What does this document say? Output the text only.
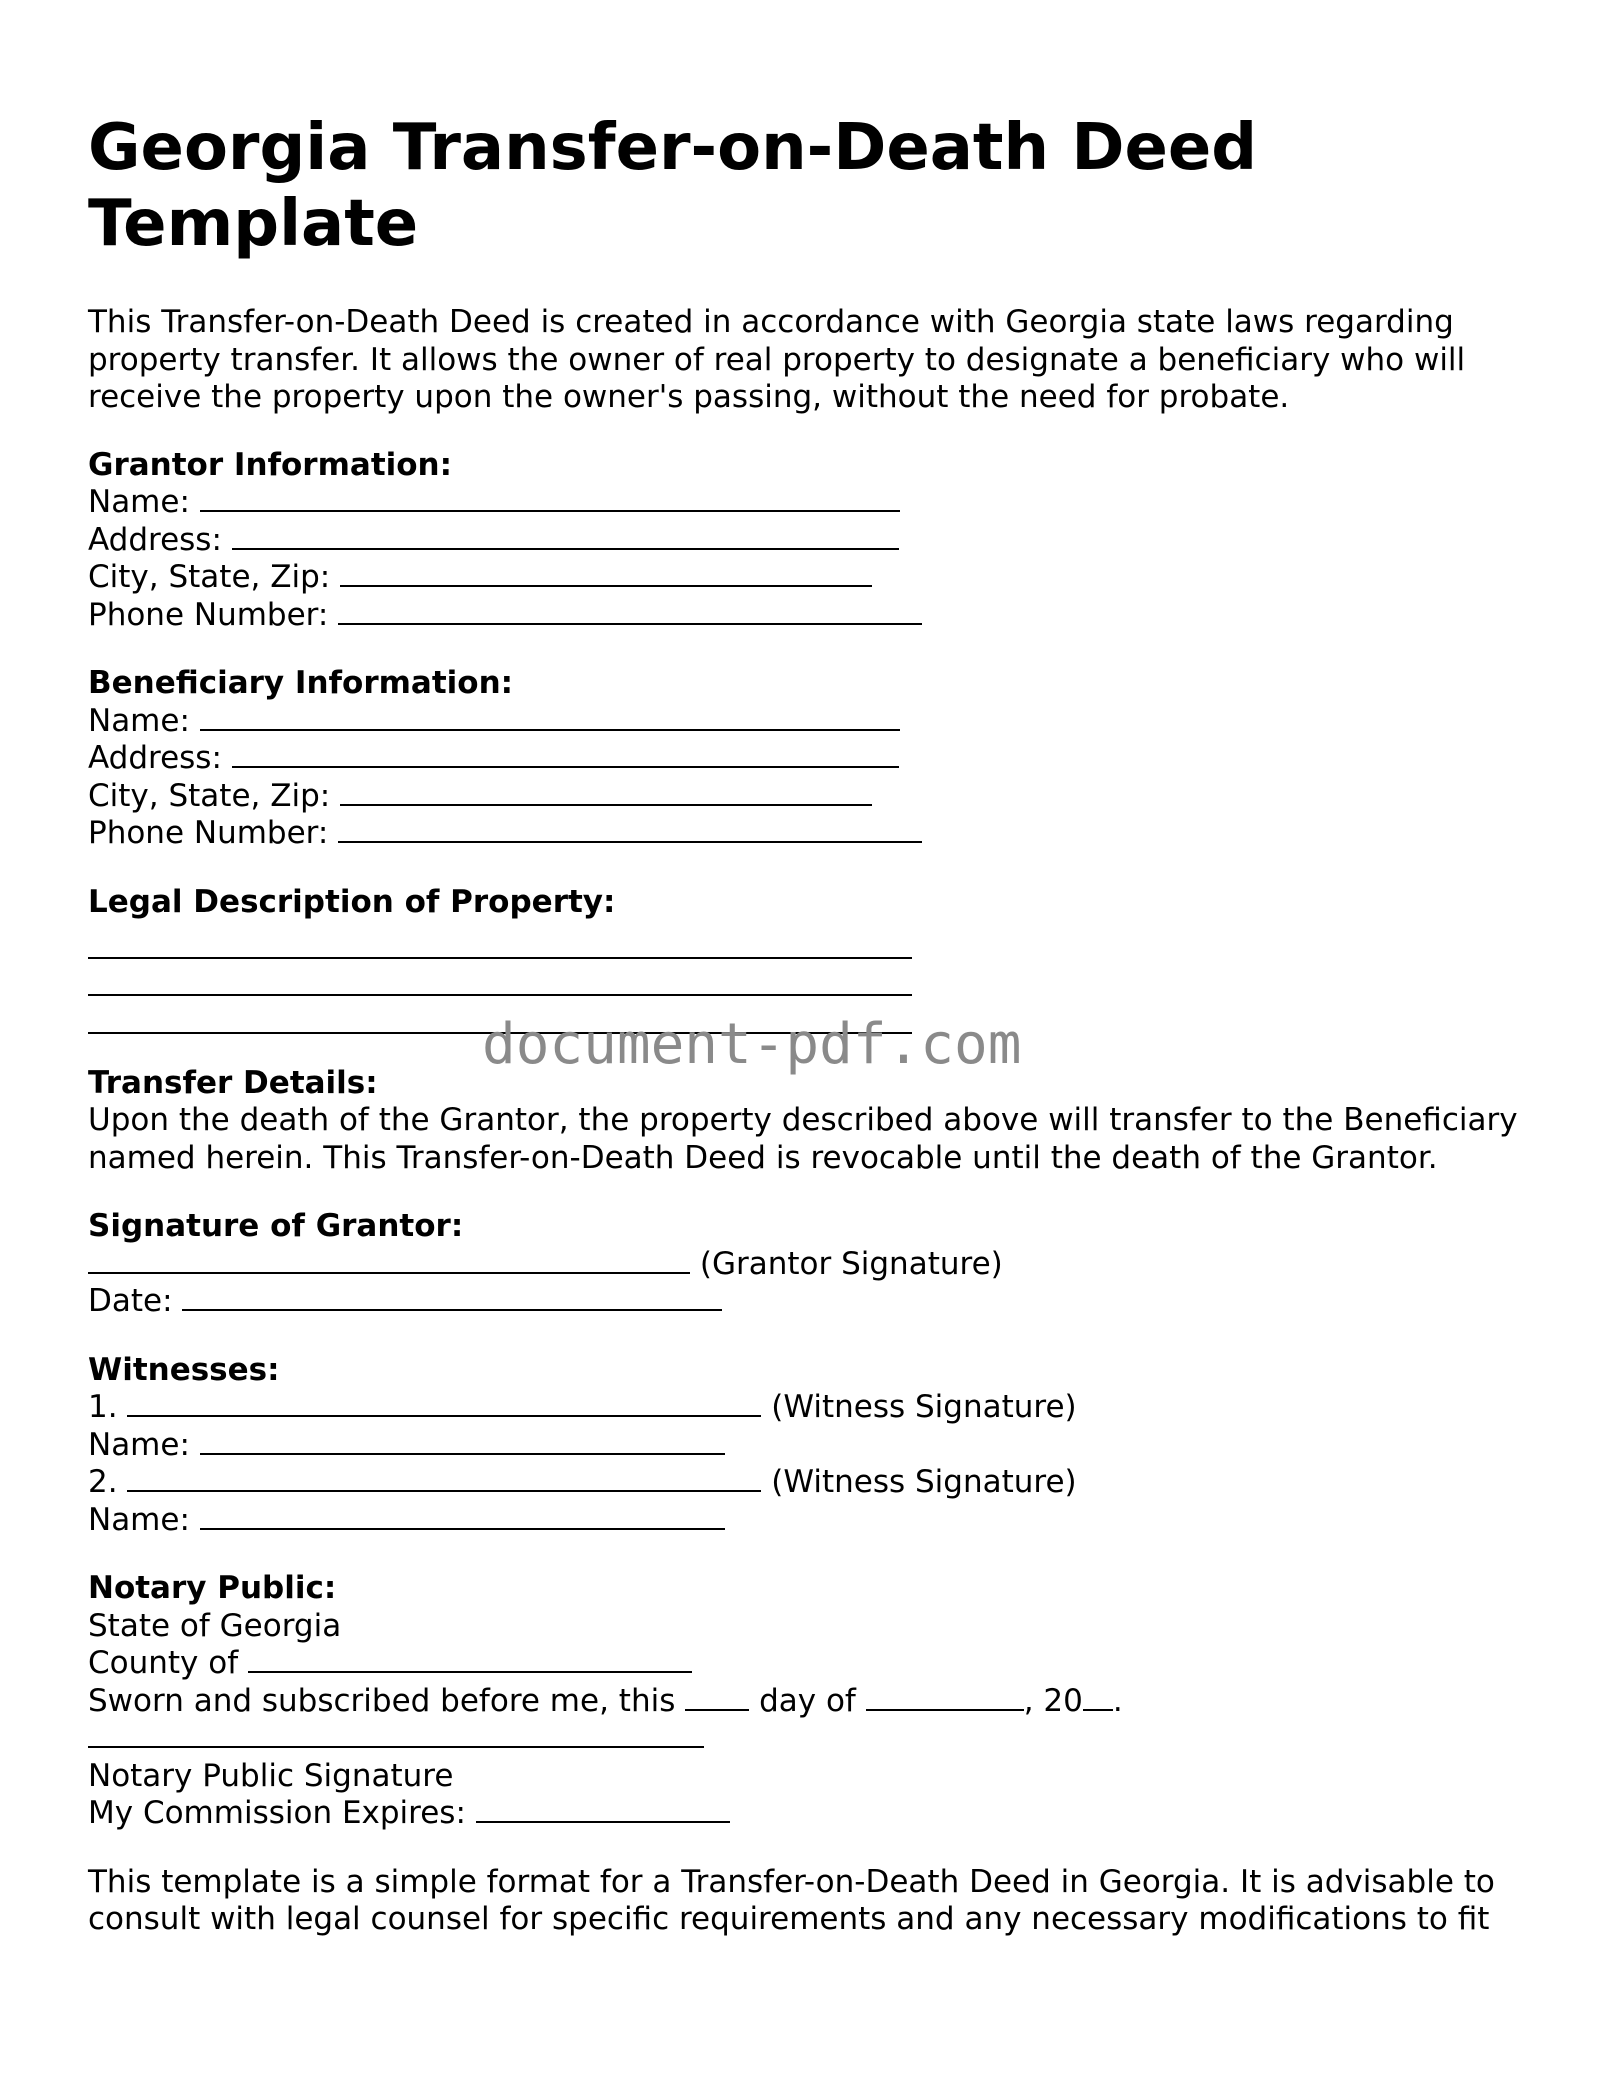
Georgia Transfer-on-Death Deed Template

This Transfer-on-Death Deed is created in accordance with Georgia state laws regarding property transfer. It allows the owner of real property to designate a beneficiary who will receive the property upon the owner's passing, without the need for probate.

Grantor Information:
Name:
Address:
City, State, Zip:
Phone Number:
Beneficiary Information:
Name:
Address:
City, State, Zip:
Phone Number:
Legal Description of Property:
Transfer Details:

Upon the death of the Grantor, the property described above will transfer to the Beneficiary named herein. This Transfer-on-Death Deed is revocable until the death of the Grantor.

Signature of Grantor:
(Grantor Signature)
Date:
Witnesses:
1.	(Witness Signature)
Name:
2.	(Witness Signature)
Name:
Notary Public:
State of Georgia
County of
Sworn and subscribed before me, this	day of	, 20 .
Notary Public Signature
My Commission Expires:

This template is a simple format for a Transfer-on-Death Deed in Georgia. It is advisable to consult with legal counsel for specific requirements and any necessary modifications to fit

document-pdf.com
